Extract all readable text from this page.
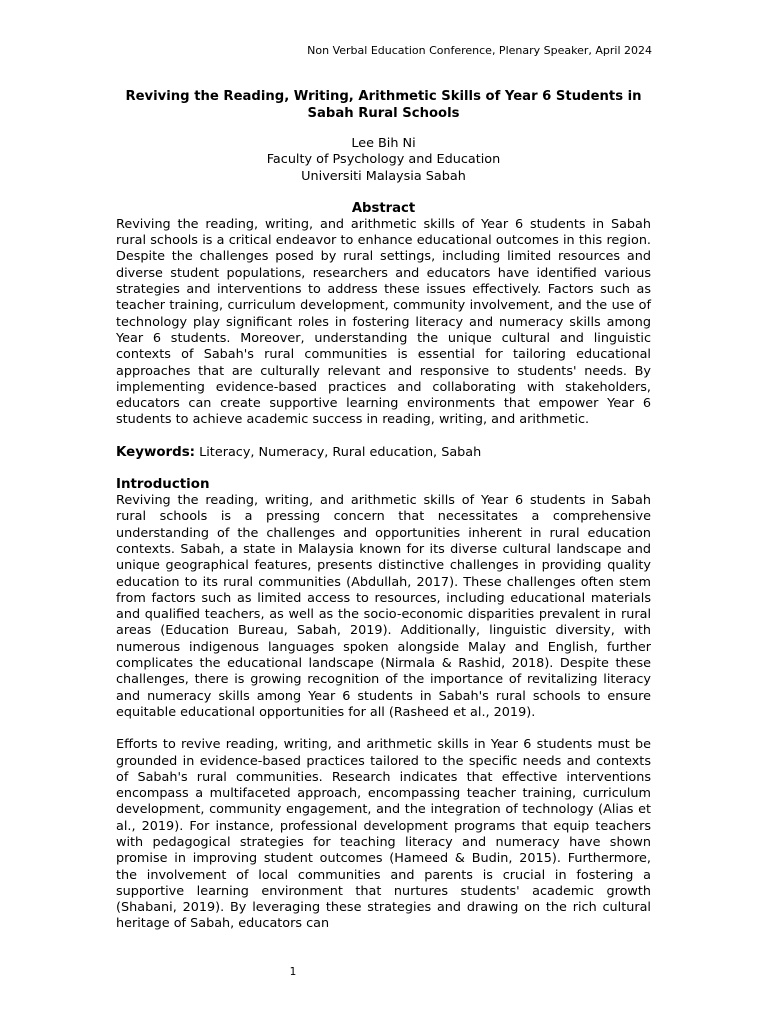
Non Verbal Education Conference, Plenary Speaker, April 2024
Reviving the Reading, Writing, Arithmetic Skills of Year 6 Students in Sabah Rural Schools
Lee Bih Ni
Faculty of Psychology and Education
Universiti Malaysia Sabah
Abstract

Reviving the reading, writing, and arithmetic skills of Year 6 students in Sabah rural schools is a critical endeavor to enhance educational outcomes in this region. Despite the challenges posed by rural settings, including limited resources and diverse student populations, researchers and educators have identified various strategies and interventions to address these issues effectively. Factors such as teacher training, curriculum development, community involvement, and the use of technology play significant roles in fostering literacy and numeracy skills among Year 6 students. Moreover, understanding the unique cultural and linguistic contexts of Sabah's rural communities is essential for tailoring educational approaches that are culturally relevant and responsive to students' needs. By implementing evidence-based practices and collaborating with stakeholders, educators can create supportive learning environments that empower Year 6 students to achieve academic success in reading, writing, and arithmetic.

Keywords: Literacy, Numeracy, Rural education, Sabah
Introduction

Reviving the reading, writing, and arithmetic skills of Year 6 students in Sabah rural schools is a pressing concern that necessitates a comprehensive understanding of the challenges and opportunities inherent in rural education contexts. Sabah, a state in Malaysia known for its diverse cultural landscape and unique geographical features, presents distinctive challenges in providing quality education to its rural communities (Abdullah, 2017). These challenges often stem from factors such as limited access to resources, including educational materials and qualified teachers, as well as the socio-economic disparities prevalent in rural areas (Education Bureau, Sabah, 2019). Additionally, linguistic diversity, with numerous indigenous languages spoken alongside Malay and English, further complicates the educational landscape (Nirmala & Rashid, 2018). Despite these challenges, there is growing recognition of the importance of revitalizing literacy and numeracy skills among Year 6 students in Sabah's rural schools to ensure equitable educational opportunities for all (Rasheed et al., 2019).

Efforts to revive reading, writing, and arithmetic skills in Year 6 students must be grounded in evidence-based practices tailored to the specific needs and contexts of Sabah's rural communities. Research indicates that effective interventions encompass a multifaceted approach, encompassing teacher training, curriculum development, community engagement, and the integration of technology (Alias et al., 2019). For instance, professional development programs that equip teachers with pedagogical strategies for teaching literacy and numeracy have shown promise in improving student outcomes (Hameed & Budin, 2015). Furthermore, the involvement of local communities and parents is crucial in fostering a supportive learning environment that nurtures students' academic growth (Shabani, 2019). By leveraging these strategies and drawing on the rich cultural heritage of Sabah, educators can

1
